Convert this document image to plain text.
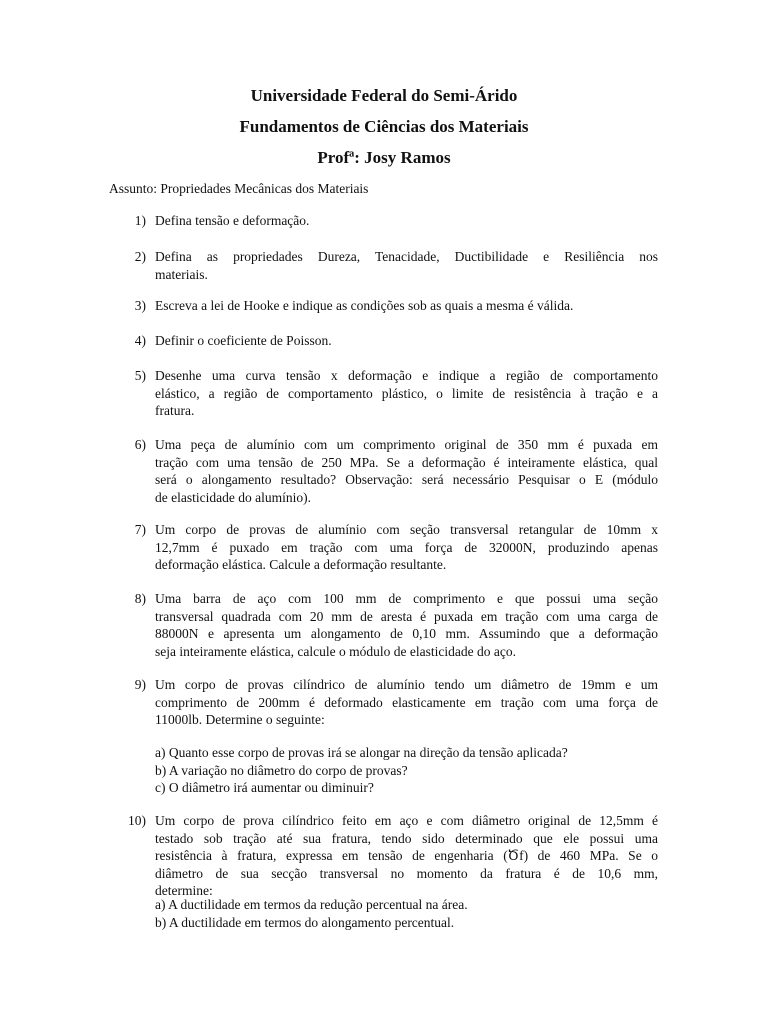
Universidade Federal do Semi-Árido
Fundamentos de Ciências dos Materiais
Profª: Josy Ramos
Assunto: Propriedades Mecânicas dos Materiais
1) Defina tensão e deformação.
2) Defina as propriedades Dureza, Tenacidade, Ductibilidade e Resiliência nos
materiais.
3) Escreva a lei de Hooke e indique as condições sob as quais a mesma é válida.
4) Definir o coeficiente de Poisson.
5) Desenhe uma curva tensão x deformação e indique a região de comportamento
elástico, a região de comportamento plástico, o limite de resistência à tração e a
fratura.
6) Uma peça de alumínio com um comprimento original de 350 mm é puxada em
tração com uma tensão de 250 MPa. Se a deformação é inteiramente elástica, qual
será o alongamento resultado? Observação: será necessário Pesquisar o E (módulo
de elasticidade do alumínio).
7) Um corpo de provas de alumínio com seção transversal retangular de 10mm x
12,7mm é puxado em tração com uma força de 32000N, produzindo apenas
deformação elástica. Calcule a deformação resultante.
8) Uma barra de aço com 100 mm de comprimento e que possui uma seção
transversal quadrada com 20 mm de aresta é puxada em tração com uma carga de
88000N e apresenta um alongamento de 0,10 mm. Assumindo que a deformação
seja inteiramente elástica, calcule o módulo de elasticidade do aço.
9) Um corpo de provas cilíndrico de alumínio tendo um diâmetro de 19mm e um
comprimento de 200mm é deformado elasticamente em tração com uma força de
11000lb. Determine o seguinte:
a) Quanto esse corpo de provas irá se alongar na direção da tensão aplicada?
b) A variação no diâmetro do corpo de provas?
c) O diâmetro irá aumentar ou diminuir?
10) Um corpo de prova cilíndrico feito em aço e com diâmetro original de 12,5mm é
testado sob tração até sua fratura, tendo sido determinado que ele possui uma
resistência à fratura, expressa em tensão de engenharia (Ծf) de 460 MPa. Se o
diâmetro de sua secção transversal no momento da fratura é de 10,6 mm,
determine:
a) A ductilidade em termos da redução percentual na área.
b) A ductilidade em termos do alongamento percentual.
